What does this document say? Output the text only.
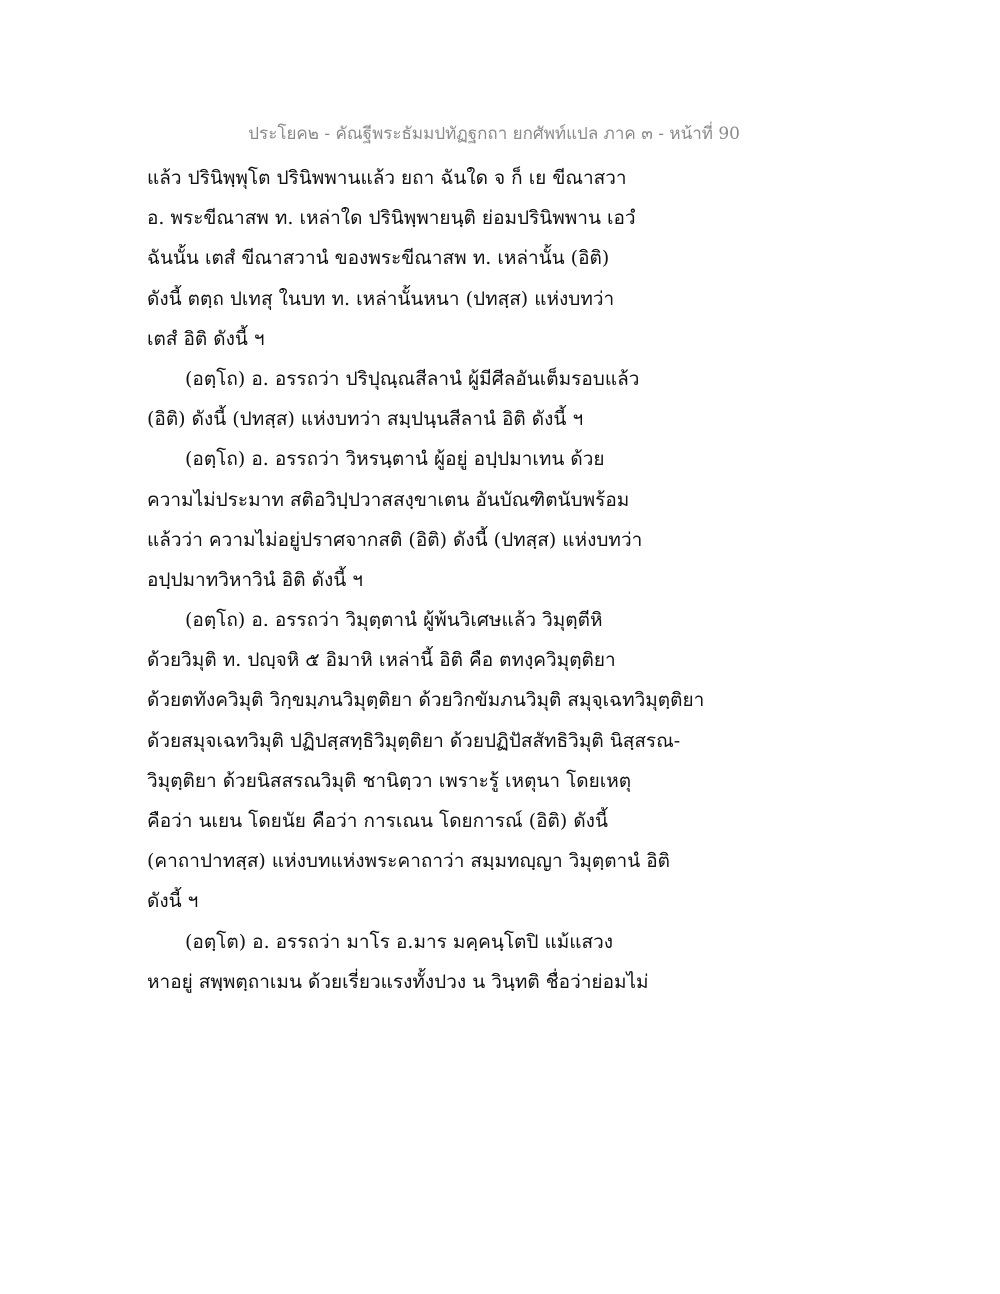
ประโยค๒ - คัณฐีพระธัมมปทัฏฐกถา ยกศัพท์แปล ภาค ๓ - หน้าที่ 90
แล้ว ปรินิพฺพุโต ปรินิพพานแล้ว ยถา ฉันใด จ ก็ เย ขีณาสวา
อ. พระขีณาสพ ท. เหล่าใด ปรินิพฺพายนฺติ ย่อมปรินิพพาน เอวํ
ฉันนั้น เตสํ ขีณาสวานํ ของพระขีณาสพ ท. เหล่านั้น (อิติ)
ดังนี้ ตตฺถ ปเทสุ ในบท ท. เหล่านั้นหนา (ปทสฺส) แห่งบทว่า
เตสํ อิติ ดังนี้ ฯ
(อตฺโถ) อ. อรรถว่า ปริปุณฺณสีลานํ ผู้มีศีลอันเต็มรอบแล้ว
(อิติ) ดังนี้ (ปทสฺส) แห่งบทว่า สมฺปนฺนสีลานํ อิติ ดังนี้ ฯ
(อตฺโถ) อ. อรรถว่า วิหรนฺตานํ ผู้อยู่ อปฺปมาเทน ด้วย
ความไม่ประมาท สติอวิปฺปวาสสงฺขาเตน อันบัณฑิตนับพร้อม
แล้วว่า ความไม่อยู่ปราศจากสติ (อิติ) ดังนี้ (ปทสฺส) แห่งบทว่า
อปฺปมาทวิหาวินํ อิติ ดังนี้ ฯ
(อตฺโถ) อ. อรรถว่า วิมุตฺตานํ ผู้พ้นวิเศษแล้ว วิมุตฺตีหิ
ด้วยวิมุติ ท. ปญฺจหิ ๕ อิมาหิ เหล่านี้ อิติ คือ ตทงฺควิมุตฺติยา
ด้วยตทังควิมุติ วิกฺขมฺภนวิมุตฺติยา ด้วยวิกขัมภนวิมุติ สมุจฺเฉทวิมุตฺติยา
ด้วยสมุจเฉทวิมุติ ปฏิปสฺสทฺธิวิมุตฺติยา ด้วยปฏิปัสสัทธิวิมุติ นิสฺสรณ-
วิมุตฺติยา ด้วยนิสสรณวิมุติ ชานิตฺวา เพราะรู้ เหตุนา โดยเหตุ
คือว่า นเยน โดยนัย คือว่า การเณน โดยการณ์ (อิติ) ดังนี้
(คาถาปาทสฺส) แห่งบทแห่งพระคาถาว่า สมฺมทญฺญา วิมุตฺตานํ อิติ
ดังนี้ ฯ
(อตฺโต) อ. อรรถว่า มาโร อ.มาร มคฺคนฺโตปิ แม้แสวง
หาอยู่ สพฺพตฺถาเมน ด้วยเรี่ยวแรงทั้งปวง น วินฺทติ ชื่อว่าย่อมไม่
